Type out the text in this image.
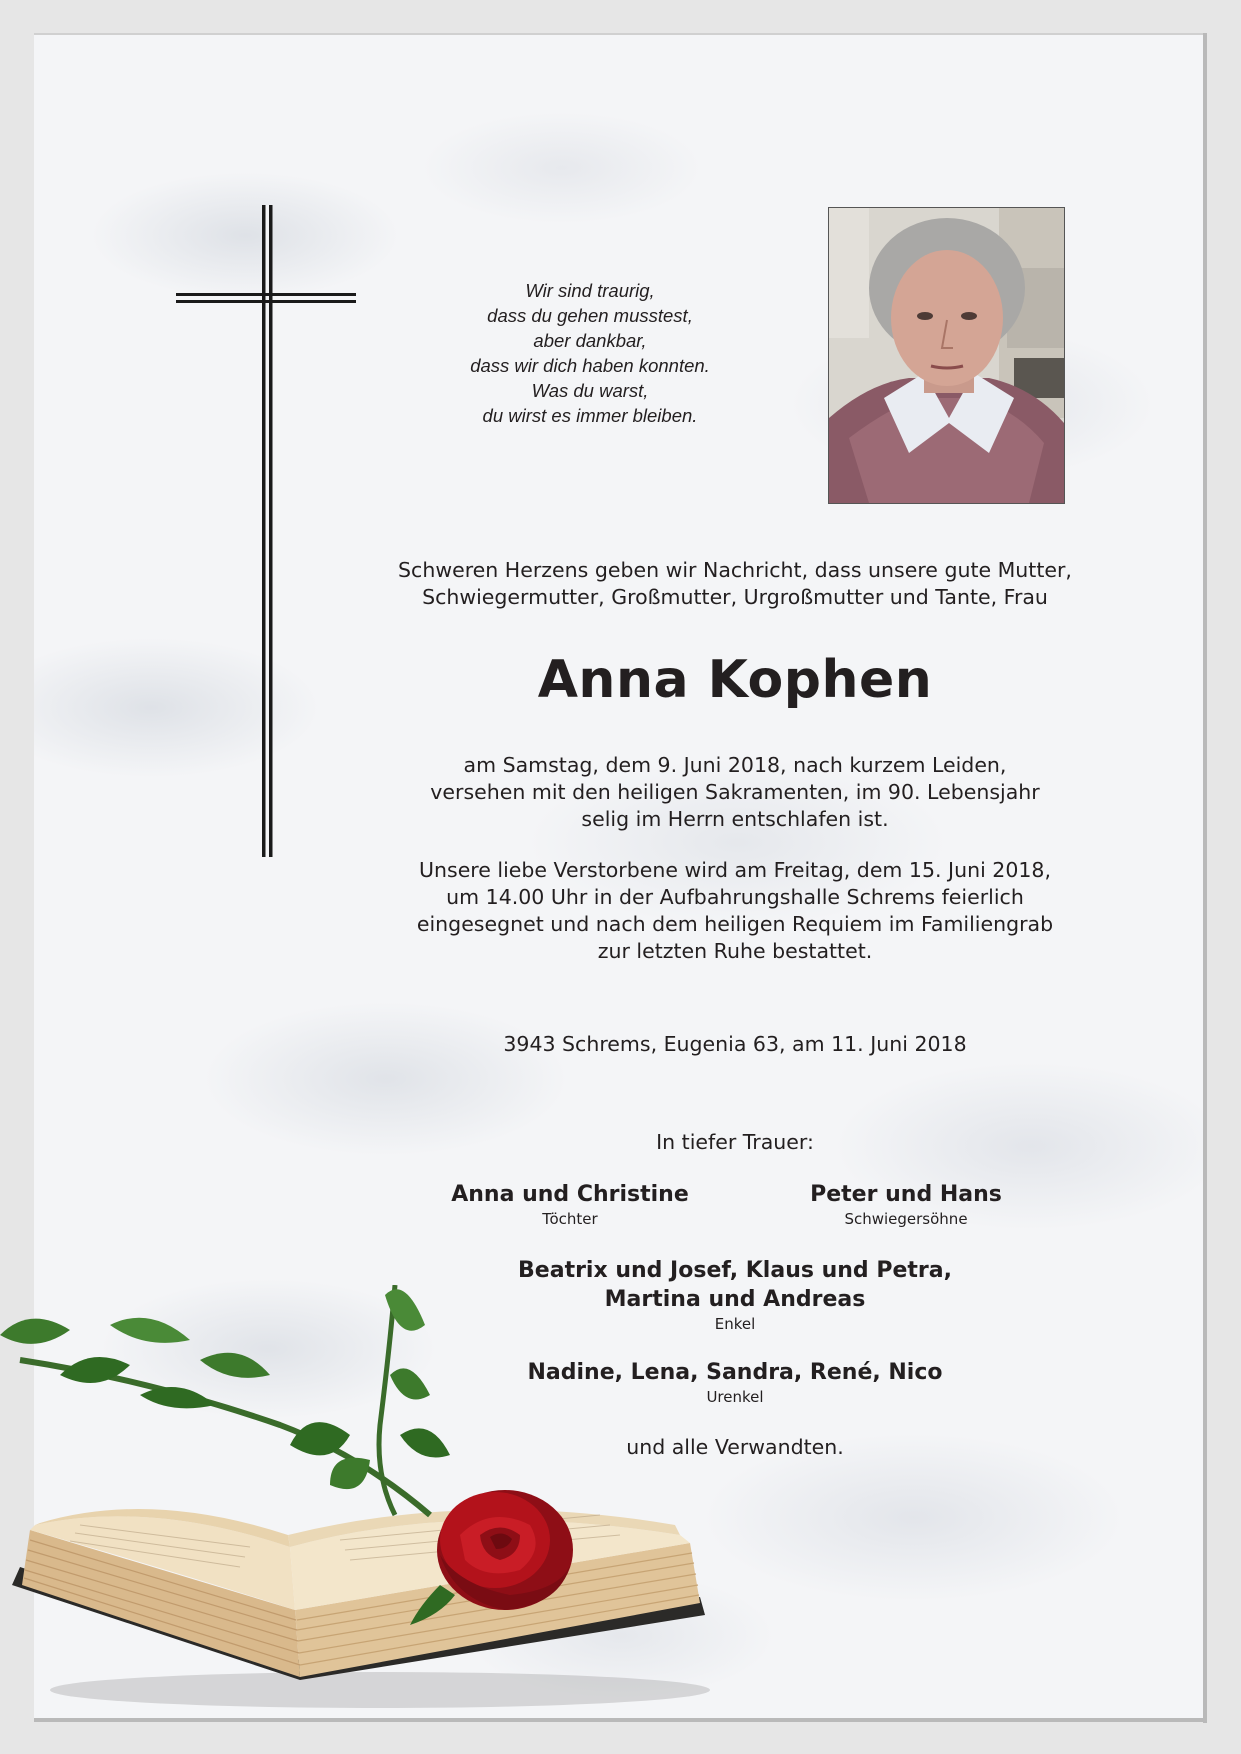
Wir sind traurig,
dass du gehen musstest,
aber dankbar,
dass wir dich haben konnten.
Was du warst,
du wirst es immer bleiben.
Schweren Herzens geben wir Nachricht, dass unsere gute Mutter,
Schwiegermutter, Großmutter, Urgroßmutter und Tante, Frau
Anna Kophen
am Samstag, dem 9. Juni 2018, nach kurzem Leiden,
versehen mit den heiligen Sakramenten, im 90. Lebensjahr
selig im Herrn entschlafen ist.
Unsere liebe Verstorbene wird am Freitag, dem 15. Juni 2018,
um 14.00 Uhr in der Aufbahrungshalle Schrems feierlich
eingesegnet und nach dem heiligen Requiem im Familiengrab
zur letzten Ruhe bestattet.
3943 Schrems, Eugenia 63, am 11. Juni 2018
In tiefer Trauer:
Anna und Christine
Töchter
Peter und Hans
Schwiegersöhne
Beatrix und Josef, Klaus und Petra,
Martina und Andreas
Enkel
Nadine, Lena, Sandra, René, Nico
Urenkel
und alle Verwandten.
